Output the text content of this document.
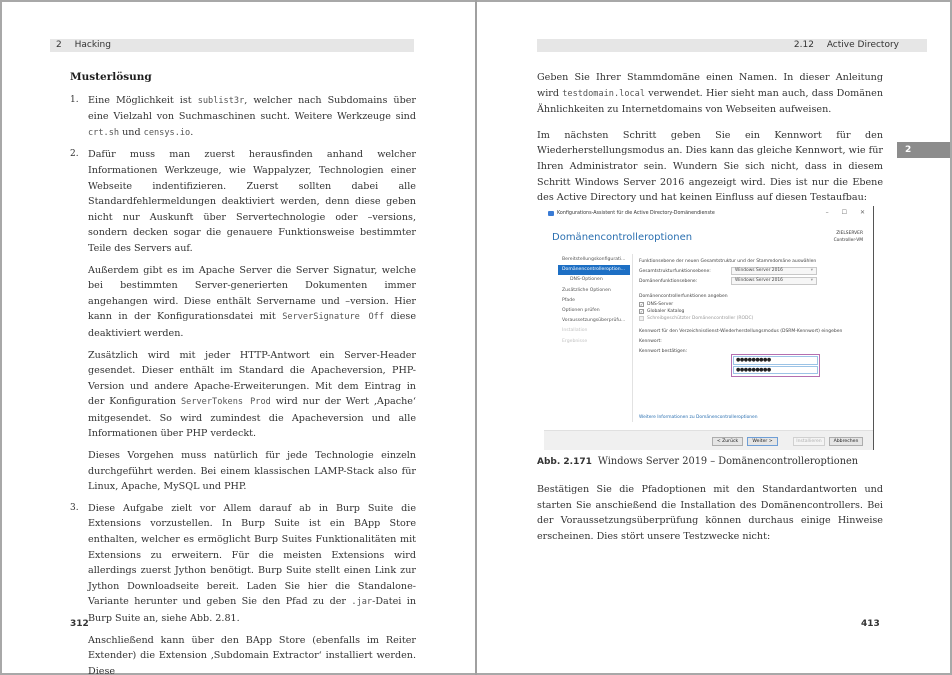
2 Hacking
Musterlösung
1. Eine Möglichkeit ist sublist3r, welcher nach Subdomains über eine Vielzahl von Suchmaschinen sucht. Weitere Werkzeuge sind crt.sh und censys.io.

2. Dafür muss man zuerst herausfinden anhand welcher Informationen Werkzeuge, wie Wappalyzer, Technologien einer Webseite indentifizieren. Zuerst sollten dabei alle Standardfehlermeldungen deaktiviert werden, denn diese geben nicht nur Auskunft über Servertechnologie oder –versions, sondern decken sogar die genauere Funktionsweise bestimmter Teile des Servers auf.

Außerdem gibt es im Apache Server die Server Signatur, welche bei bestimmten Server-generierten Dokumenten immer angehangen wird. Diese enthält Servername und –version. Hier kann in der Konfigurationsdatei mit ServerSignature Off diese deaktiviert werden.

Zusätzlich wird mit jeder HTTP-Antwort ein Server-Header gesendet. Dieser enthält im Standard die Apacheversion, PHP-Version und andere Apache-Erweiterungen. Mit dem Eintrag in der Konfiguration ServerTokens Prod wird nur der Wert ‚Apache‘ mitgesendet. So wird zumindest die Apacheversion und alle Informationen über PHP verdeckt.

Dieses Vorgehen muss natürlich für jede Technologie einzeln durchgeführt werden. Bei einem klassischen LAMP-Stack also für Linux, Apache, MySQL und PHP.

3. Diese Aufgabe zielt vor Allem darauf ab in Burp Suite die Extensions vorzustellen. In Burp Suite ist ein BApp Store enthalten, welcher es ermöglicht Burp Suites Funktionalitäten mit Extensions zu erweitern. Für die meisten Extensions wird allerdings zuerst Jython benötigt. Burp Suite stellt einen Link zur Jython Downloadseite bereit. Laden Sie hier die Standalone-Variante herunter und geben Sie den Pfad zu der .jar-Datei in Burp Suite an, siehe Abb. 2.81.

Anschließend kann über den BApp Store (ebenfalls im Reiter Extender) die Extension ‚Subdomain Extractor‘ installiert werden. Diese

312
2.12 Active Directory
2

Geben Sie Ihrer Stammdomäne einen Namen. In dieser Anleitung wird testdomain.local verwendet. Hier sieht man auch, dass Domänen Ähnlichkeiten zu Internetdomains von Webseiten aufweisen.

Im nächsten Schritt geben Sie ein Kennwort für den Wiederherstellungsmodus an. Dies kann das gleiche Kennwort, wie für Ihren Administrator sein. Wundern Sie sich nicht, dass in diesem Schritt Windows Server 2016 angezeigt wird. Dies ist nur die Ebene des Active Directory und hat keinen Einfluss auf diesen Testaufbau:

Konfigurations-Assistent für die Active Directory-Domänendienste	– ☐ ✕
Domänencontrolleroptionen	ZIELSERVER
Controller-VM
Bereitstellungskonfigurati...
Domänencontrolleroption...
DNS-Optionen
Zusätzliche Optionen
Pfade
Optionen prüfen
Voraussetzungsüberprüfu...
Installation
Ergebnisse
Funktionsebene der neuen Gesamtstruktur und der Stammdomäne auswählen
Gesamtstrukturfunktionsebene:	Windows Server 2016	▾
Domänenfunktionsebene:	Windows Server 2016	▾
Domänencontrollerfunktionen angeben
✓ DNS-Server
✓ Globaler Katalog
Schreibgeschützter Domänencontroller (RODC)
Kennwort für den Verzeichnisdienst-Wiederherstellungsmodus (DSRM-Kennwort) eingeben
Kennwort:
Kennwort bestätigen:
●●●●●●●●●
●●●●●●●●●
Weitere Informationen zu Domänencontrolleroptionen
< Zurück	Weiter >	Installieren	Abbrechen
Abb. 2.171 Windows Server 2019 – Domänencontrolleroptionen

Bestätigen Sie die Pfadoptionen mit den Standardantworten und starten Sie anschießend die Installation des Domänencontrollers. Bei der Voraussetzungsüberprüfung können durchaus einige Hinweise erscheinen. Dies stört unsere Testzwecke nicht:

413
